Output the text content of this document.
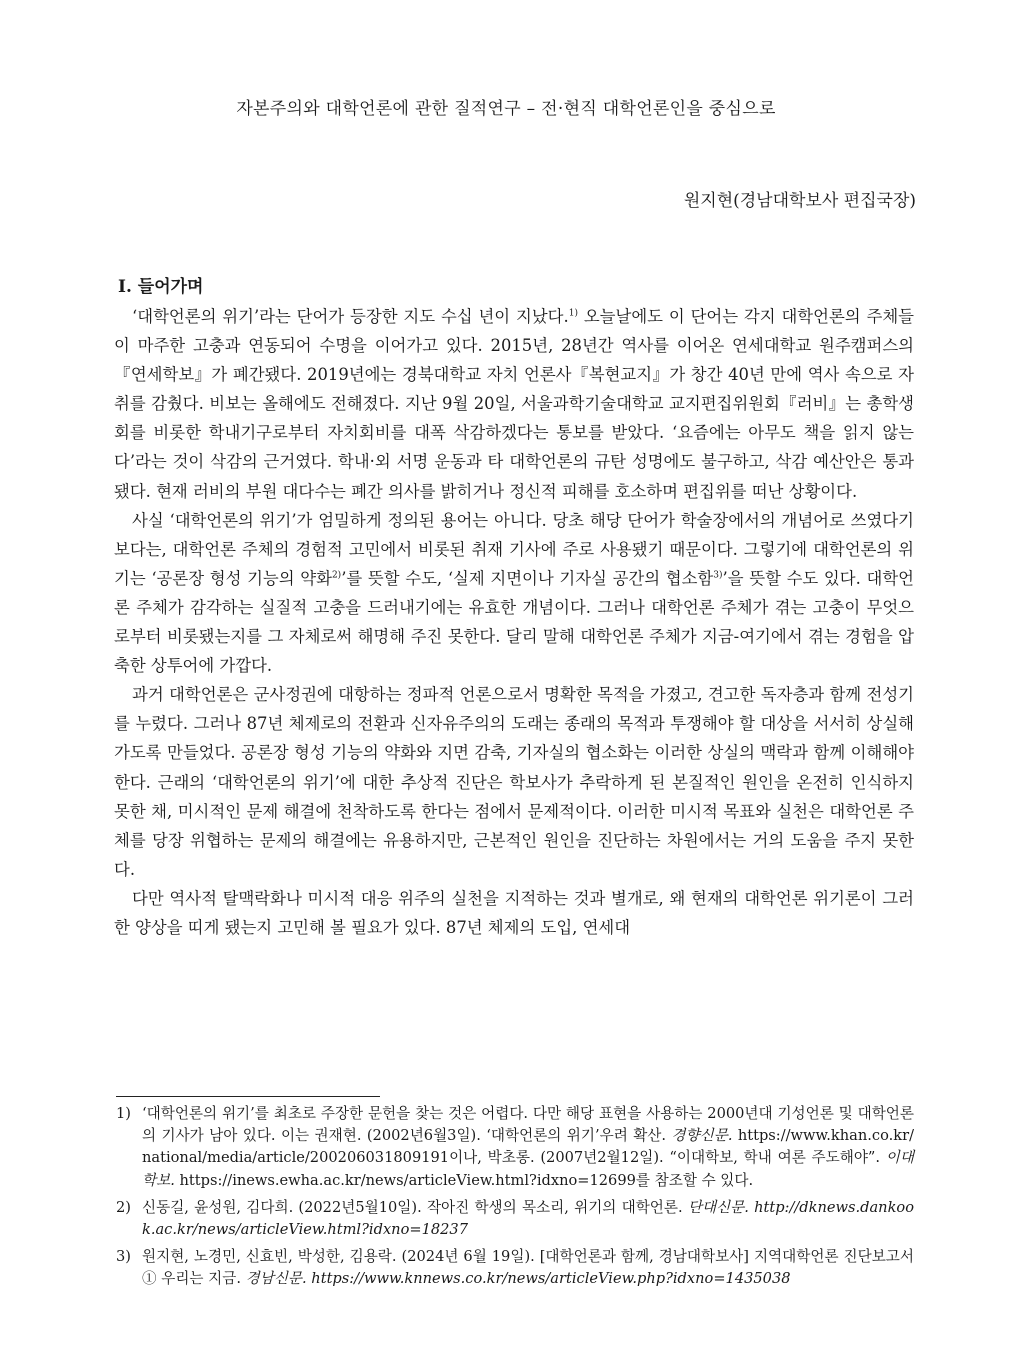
자본주의와 대학언론에 관한 질적연구 – 전·현직 대학언론인을 중심으로
원지현(경남대학보사 편집국장)
Ⅰ. 들어가며

‘대학언론의 위기’라는 단어가 등장한 지도 수십 년이 지났다.$^{1)}$ 오늘날에도 이 단어는 각지 대학언론의 주체들이 마주한 고충과 연동되어 수명을 이어가고 있다. 2015년, 28년간 역사를 이어온 연세대학교 원주캠퍼스의『연세학보』가 폐간됐다. 2019년에는 경북대학교 자치 언론사『복현교지』가 창간 40년 만에 역사 속으로 자취를 감췄다. 비보는 올해에도 전해졌다. 지난 9월 20일, 서울과학기술대학교 교지편집위원회『러비』는 총학생회를 비롯한 학내기구로부터 자치회비를 대폭 삭감하겠다는 통보를 받았다. ‘요즘에는 아무도 책을 읽지 않는다’라는 것이 삭감의 근거였다. 학내·외 서명 운동과 타 대학언론의 규탄 성명에도 불구하고, 삭감 예산안은 통과됐다. 현재 러비의 부원 대다수는 폐간 의사를 밝히거나 정신적 피해를 호소하며 편집위를 떠난 상황이다.

사실 ‘대학언론의 위기’가 엄밀하게 정의된 용어는 아니다. 당초 해당 단어가 학술장에서의 개념어로 쓰였다기보다는, 대학언론 주체의 경험적 고민에서 비롯된 취재 기사에 주로 사용됐기 때문이다. 그렇기에 대학언론의 위기는 ‘공론장 형성 기능의 약화$^{2)}$’를 뜻할 수도, ‘실제 지면이나 기자실 공간의 협소함$^{3)}$’을 뜻할 수도 있다. 대학언론 주체가 감각하는 실질적 고충을 드러내기에는 유효한 개념이다. 그러나 대학언론 주체가 겪는 고충이 무엇으로부터 비롯됐는지를 그 자체로써 해명해 주진 못한다. 달리 말해 대학언론 주체가 지금-여기에서 겪는 경험을 압축한 상투어에 가깝다.

과거 대학언론은 군사정권에 대항하는 정파적 언론으로서 명확한 목적을 가졌고, 견고한 독자층과 함께 전성기를 누렸다. 그러나 87년 체제로의 전환과 신자유주의의 도래는 종래의 목적과 투쟁해야 할 대상을 서서히 상실해 가도록 만들었다. 공론장 형성 기능의 약화와 지면 감축, 기자실의 협소화는 이러한 상실의 맥락과 함께 이해해야 한다. 근래의 ‘대학언론의 위기’에 대한 추상적 진단은 학보사가 추락하게 된 본질적인 원인을 온전히 인식하지 못한 채, 미시적인 문제 해결에 천착하도록 한다는 점에서 문제적이다. 이러한 미시적 목표와 실천은 대학언론 주체를 당장 위협하는 문제의 해결에는 유용하지만, 근본적인 원인을 진단하는 차원에서는 거의 도움을 주지 못한다.

다만 역사적 탈맥락화나 미시적 대응 위주의 실천을 지적하는 것과 별개로, 왜 현재의 대학언론 위기론이 그러한 양상을 띠게 됐는지 고민해 볼 필요가 있다. 87년 체제의 도입, 연세대

1) ‘대학언론의 위기’를 최초로 주장한 문헌을 찾는 것은 어렵다. 다만 해당 표현을 사용하는 2000년대 기성언론 및 대학언론의 기사가 남아 있다. 이는 권재현. (2002년6월3일). ‘대학언론의 위기’우려 확산. 경향신문. https://www.khan.co.kr/national/media/article/200206031809191이나, 박초롱. (2007년2월12일). “이대학보, 학내 여론 주도해야”. 이대학보. https://inews.ewha.ac.kr/news/articleView.html?idxno=12699를 참조할 수 있다.
2) 신동길, 윤성원, 김다희. (2022년5월10일). 작아진 학생의 목소리, 위기의 대학언론. 단대신문. http://dknews.dankook.ac.kr/news/articleView.html?idxno=18237
3) 원지현, 노경민, 신효빈, 박성한, 김용락. (2024년 6월 19일). [대학언론과 함께, 경남대학보사] 지역대학언론 진단보고서 ① 우리는 지금. 경남신문. https://www.knnews.co.kr/news/articleView.php?idxno=1435038
